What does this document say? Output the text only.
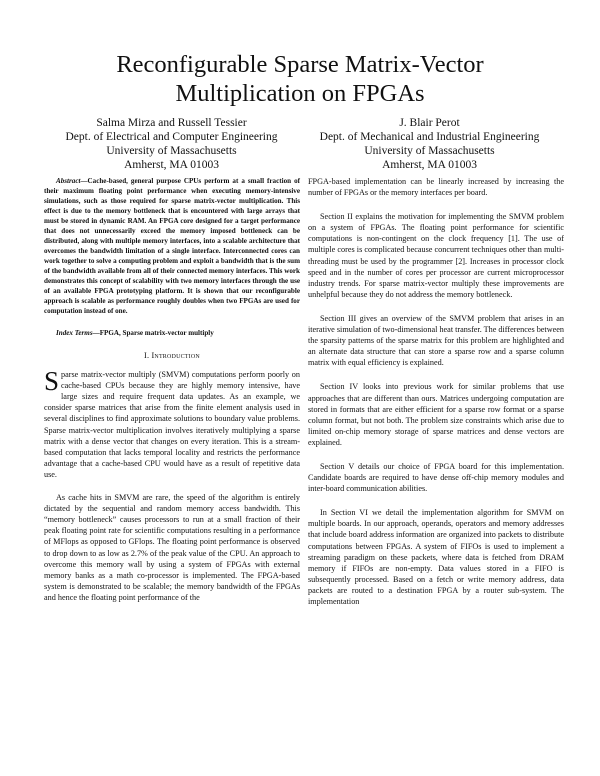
Reconfigurable Sparse Matrix-Vector
Multiplication on FPGAs
Salma Mirza and Russell Tessier
Dept. of Electrical and Computer Engineering
University of Massachusetts
Amherst, MA 01003
J. Blair Perot
Dept. of Mechanical and Industrial Engineering
University of Massachusetts
Amherst, MA 01003

Abstract—Cache-based, general purpose CPUs perform at a small fraction of their maximum floating point performance when executing memory-intensive simulations, such as those required for sparse matrix-vector multiplication. This effect is due to the memory bottleneck that is encountered with large arrays that must be stored in dynamic RAM. An FPGA core designed for a target performance that does not unnecessarily exceed the memory imposed bottleneck can be distributed, along with multiple memory interfaces, into a scalable architecture that overcomes the bandwidth limitation of a single interface. Interconnected cores can work together to solve a computing problem and exploit a bandwidth that is the sum of the bandwidth available from all of their connected memory interfaces. This work demonstrates this concept of scalability with two memory interfaces through the use of an available FPGA prototyping platform. It is shown that our reconfigurable approach is scalable as performance roughly doubles when two FPGAs are used for computation instead of one.

Index Terms—FPGA, Sparse matrix-vector multiply

I. Introduction

Sparse matrix-vector multiply (SMVM) computations perform poorly on cache-based CPUs because they are highly memory intensive, have large sizes and require frequent data updates. As an example, we consider sparse matrices that arise from the finite element analysis used in several disciplines to find approximate solutions to boundary value problems. Sparse matrix-vector multiplication involves iteratively multiplying a sparse matrix with a dense vector that changes on every iteration. This is a stream-based computation that lacks temporal locality and restricts the performance advantage that a cache-based CPU would have as a result of repetitive data use.

As cache hits in SMVM are rare, the speed of the algorithm is entirely dictated by the sequential and random memory access bandwidth. This “memory bottleneck” causes processors to run at a small fraction of their peak floating point rate for scientific computations resulting in a performance of MFlops as opposed to GFlops. The floating point performance is observed to drop down to as low as 2.7% of the peak value of the CPU. An approach to overcome this memory wall by using a system of FPGAs with external memory banks as a math co-processor is implemented. The FPGA-based system is demonstrated to be scalable; the memory bandwidth of the FPGAs and hence the floating point performance of the

FPGA-based implementation can be linearly increased by increasing the number of FPGAs or the memory interfaces per board.

Section II explains the motivation for implementing the SMVM problem on a system of FPGAs. The floating point performance for scientific computations is non-contingent on the clock frequency [1]. The use of multiple cores is complicated because concurrent techniques other than multi-threading must be used by the programmer [2]. Increases in processor clock speed and in the number of cores per processor are current microprocessor industry trends. For sparse matrix-vector multiply these improvements are unhelpful because they do not address the memory bottleneck.

Section III gives an overview of the SMVM problem that arises in an iterative simulation of two-dimensional heat transfer. The differences between the sparsity patterns of the sparse matrix for this problem are highlighted and an alternate data structure that can store a sparse row and a sparse column matrix with equal efficiency is explained.

Section IV looks into previous work for similar problems that use approaches that are different than ours. Matrices undergoing computation are stored in formats that are either efficient for a sparse row format or a sparse column format, but not both. The problem size constraints which arise due to limited on-chip memory storage of sparse matrices and dense vectors are explained.

Section V details our choice of FPGA board for this implementation. Candidate boards are required to have dense off-chip memory modules and inter-board communication abilities.

In Section VI we detail the implementation algorithm for SMVM on multiple boards. In our approach, operands, operators and memory addresses that include board address information are organized into packets to distribute computations between FPGAs. A system of FIFOs is used to implement a streaming paradigm on these packets, where data is fetched from DRAM memory if FIFOs are non-empty. Data values stored in a FIFO is subsequently processed. Based on a fetch or write memory address, data packets are routed to a destination FPGA by a router sub-system. The implementation
